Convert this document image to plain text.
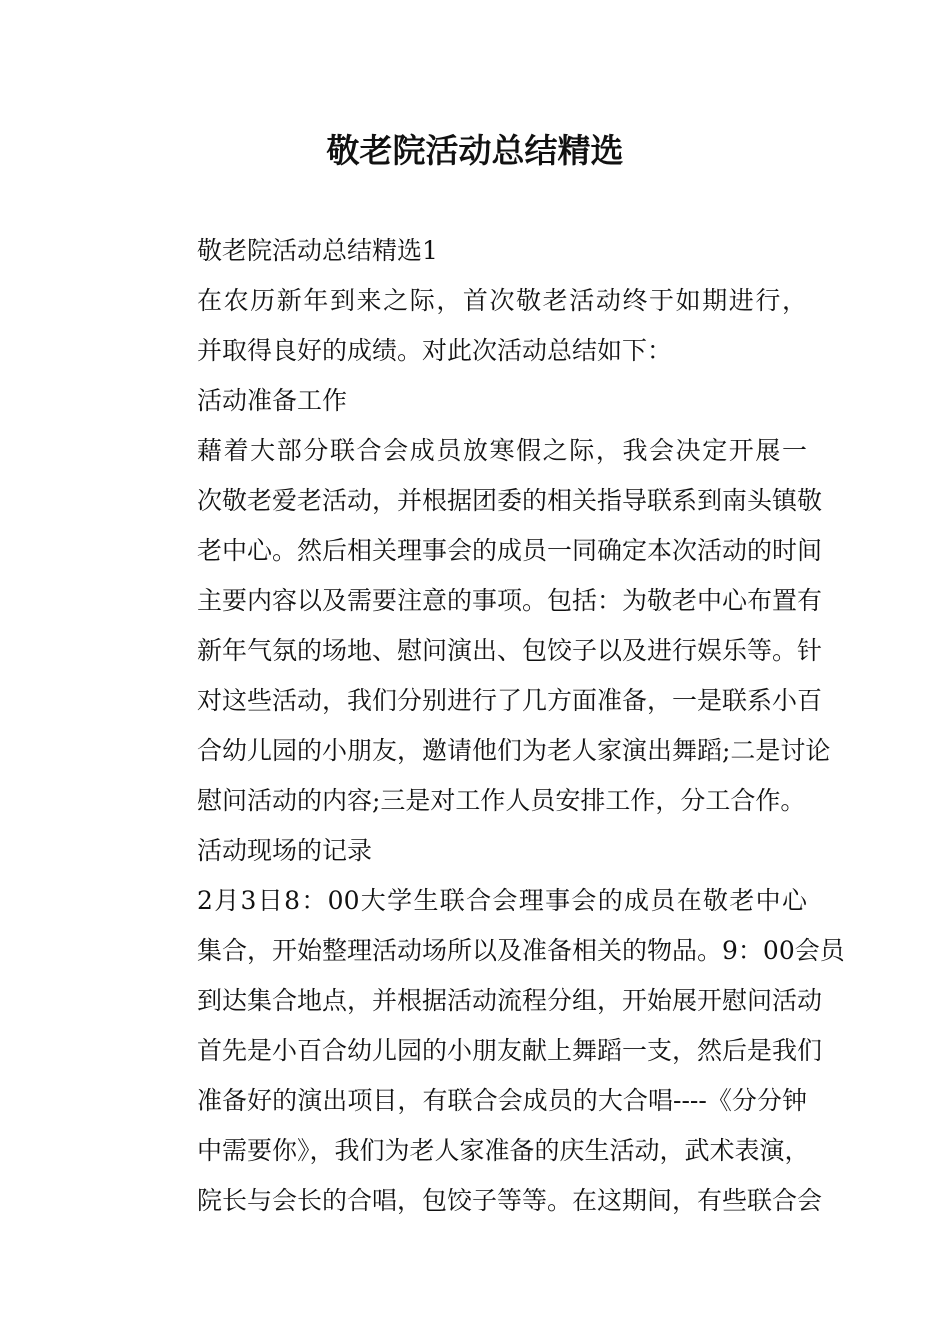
敬老院活动总结精选

敬老院活动总结精选1

在农历新年到来之际，首次敬老活动终于如期进行，
并取得良好的成绩。对此次活动总结如下：

活动准备工作

藉着大部分联合会成员放寒假之际，我会决定开展一
次敬老爱老活动，并根据团委的相关指导联系到南头镇敬
老中心。然后相关理事会的成员一同确定本次活动的时间
主要内容以及需要注意的事项。包括：为敬老中心布置有
新年气氛的场地、慰问演出、包饺子以及进行娱乐等。针
对这些活动，我们分别进行了几方面准备，一是联系小百
合幼儿园的小朋友，邀请他们为老人家演出舞蹈;二是讨论
慰问活动的内容;三是对工作人员安排工作，分工合作。

活动现场的记录

2月3日8：00大学生联合会理事会的成员在敬老中心
集合，开始整理活动场所以及准备相关的物品。9：00会员
到达集合地点，并根据活动流程分组，开始展开慰问活动
首先是小百合幼儿园的小朋友献上舞蹈一支，然后是我们
准备好的演出项目，有联合会成员的大合唱----《分分钟
中需要你》，我们为老人家准备的庆生活动，武术表演，
院长与会长的合唱，包饺子等等。在这期间，有些联合会
